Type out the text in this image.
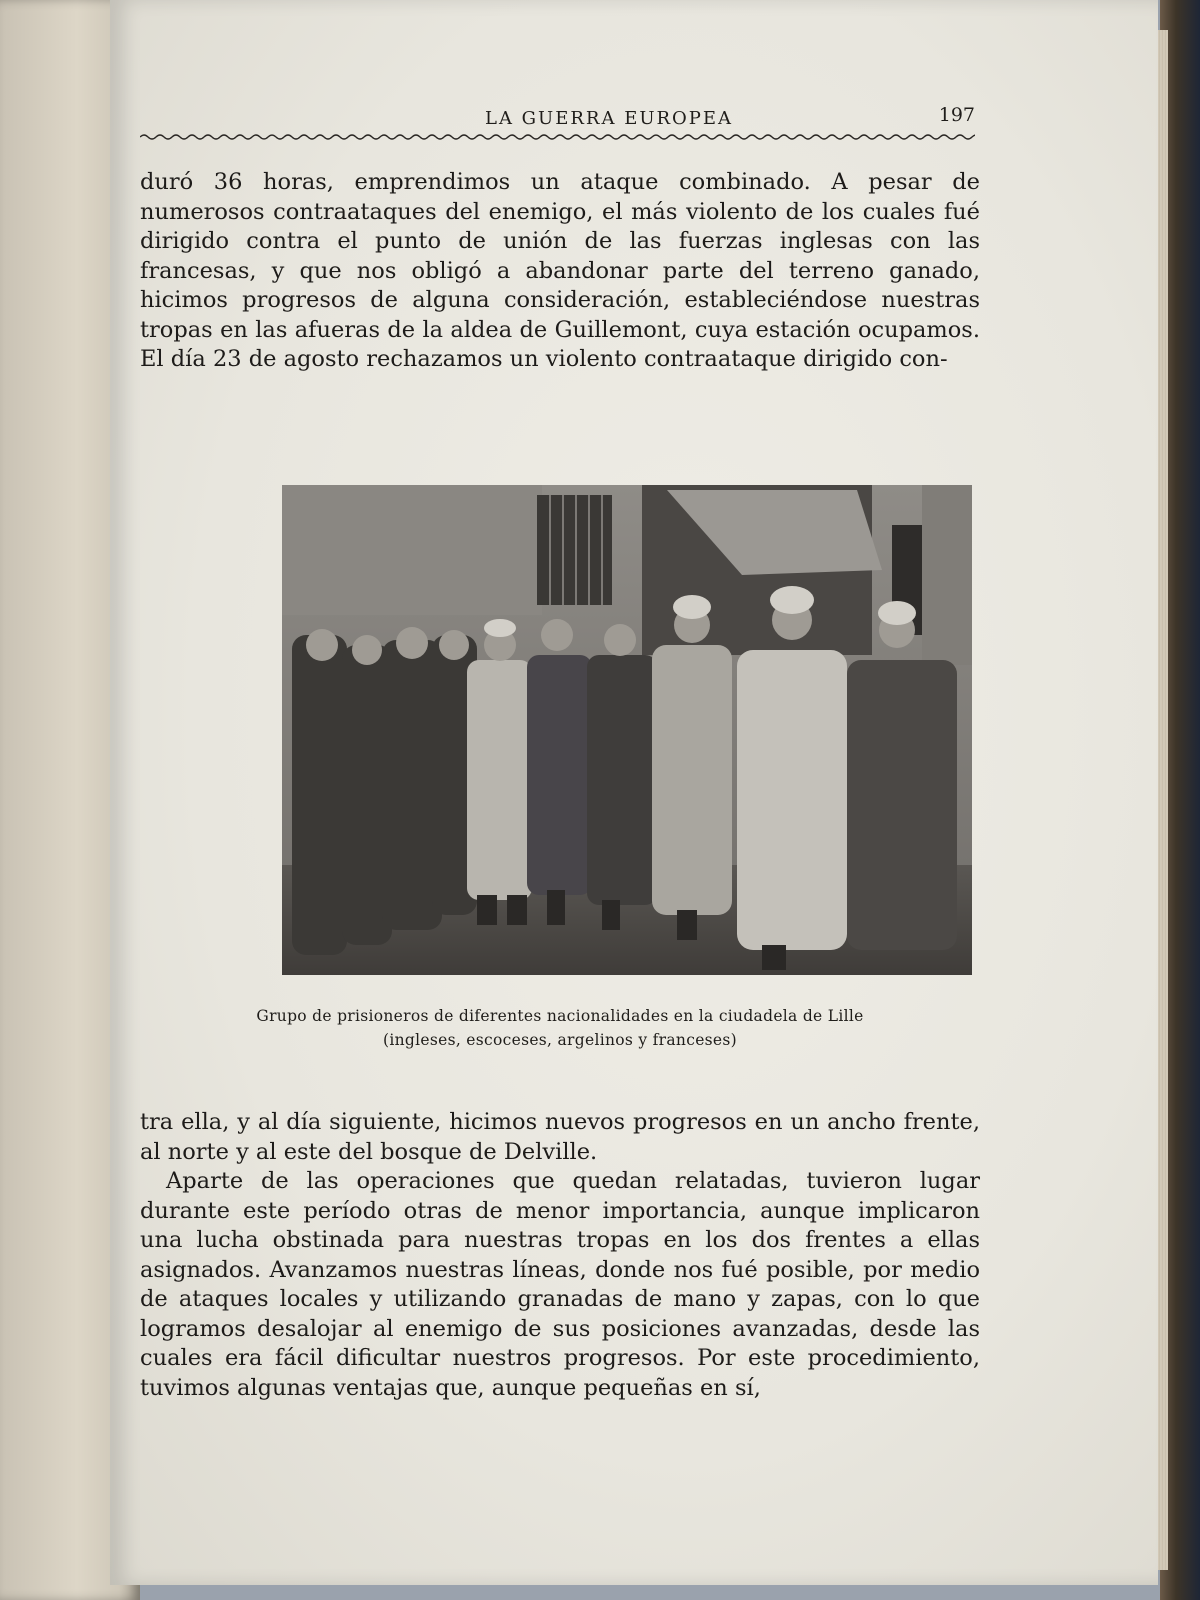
LA GUERRA EUROPEA	197

duró 36 horas, emprendimos un ataque combinado. A pesar de numerosos contraataques del enemigo, el más violento de los cuales fué dirigido contra el punto de unión de las fuerzas inglesas con las francesas, y que nos obligó a abandonar parte del terreno ganado, hicimos progresos de alguna consideración, estableciéndose nuestras tropas en las afueras de la aldea de Guillemont, cuya estación ocupamos. El día 23 de agosto rechazamos un violento contraataque dirigido con-

Grupo de prisioneros de diferentes nacionalidades en la ciudadela de Lille
(ingleses, escoceses, argelinos y franceses)

tra ella, y al día siguiente, hicimos nuevos progresos en un ancho frente, al norte y al este del bosque de Delville.

Aparte de las operaciones que quedan relatadas, tuvieron lugar durante este período otras de menor importancia, aunque implicaron una lucha obstinada para nuestras tropas en los dos frentes a ellas asignados. Avanzamos nuestras líneas, donde nos fué posible, por medio de ataques locales y utilizando granadas de mano y zapas, con lo que logramos desalojar al enemigo de sus posiciones avanzadas, desde las cuales era fácil dificultar nuestros progresos. Por este procedimiento, tuvimos algunas ventajas que, aunque pequeñas en sí,
